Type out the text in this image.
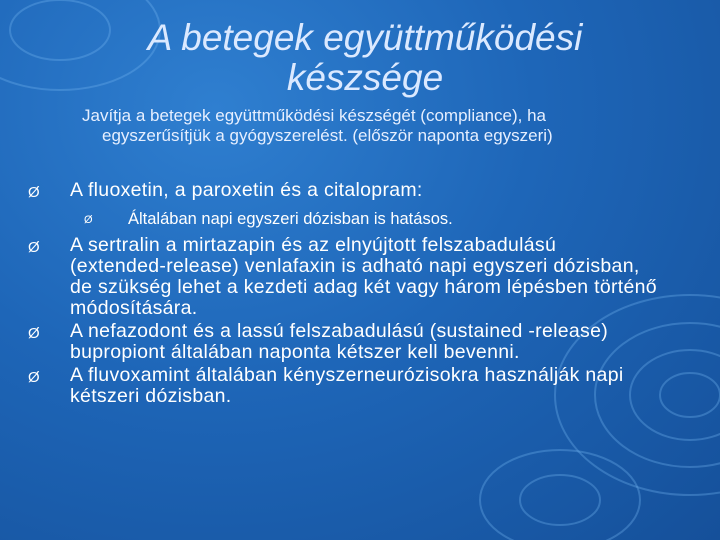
A betegek együttműködési készsége
Javítja a betegek együttműködési készségét (compliance), ha
egyszerűsítjük a gyógyszerelést. (először naponta egyszeri)
Ø A fluoxetin, a paroxetin és a citalopram:
Ø Általában napi egyszeri dózisban is hatásos.
Ø A sertralin a mirtazapin és az elnyújtott felszabadulású (extended-release) venlafaxin is adható napi egyszeri dózisban, de szükség lehet a kezdeti adag két vagy három lépésben történő módosítására.
Ø A nefazodont és a lassú felszabadulású (sustained -release) bupropiont általában naponta kétszer kell bevenni.
Ø A fluvoxamint általában kényszerneurózisokra használják napi kétszeri dózisban.
